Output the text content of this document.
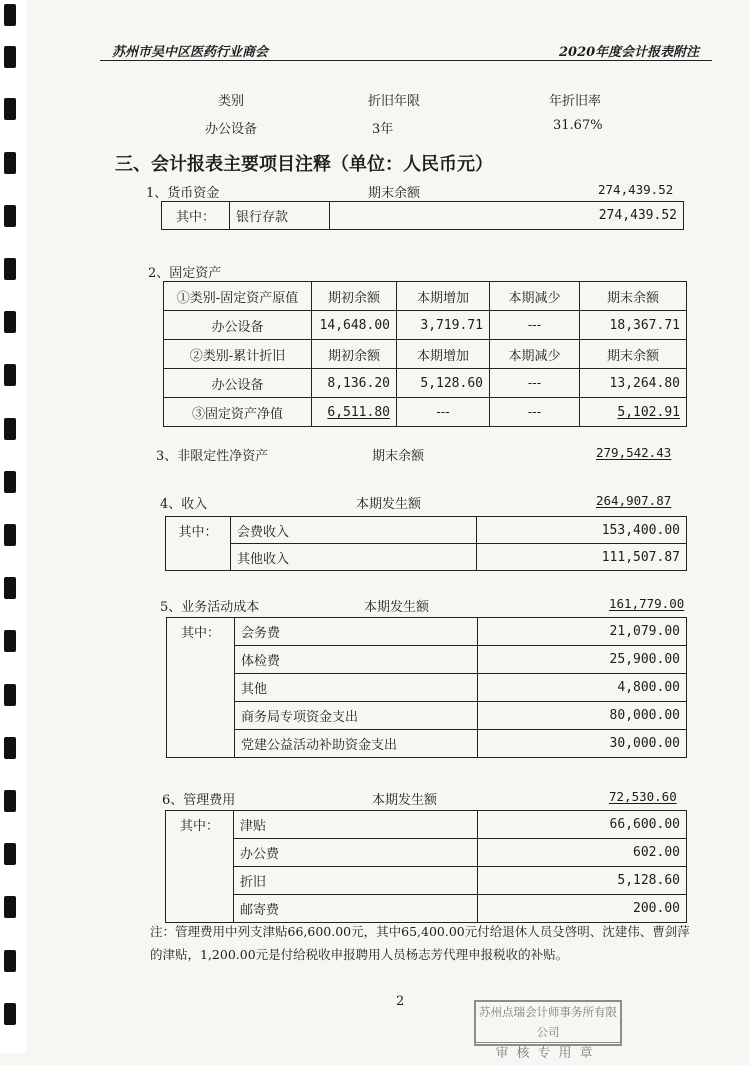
苏州市吴中区医药行业商会	2020年度会计报表附注
类别	折旧年限	年折旧率
办公设备	3年	31.67%
三、会计报表主要项目注释（单位：人民币元）
1、货币资金	期末余额	274,439.52
其中：	银行存款	274,439.52
2、固定资产
①类别-固定资产原值	期初余额	本期增加	本期减少	期末余额
办公设备	14,648.00	3,719.71	---	18,367.71
②类别-累计折旧	期初余额	本期增加	本期减少	期末余额
办公设备	8,136.20	5,128.60	---	13,264.80
③固定资产净值	6,511.80	---	---	5,102.91
3、非限定性净资产	期末余额	279,542.43
4、收入	本期发生额	264,907.87
其中：	会费收入	153,400.00
	其他收入	111,507.87
5、业务活动成本	本期发生额	161,779.00
其中：	会务费	21,079.00
	体检费	25,900.00
	其他	4,800.00
	商务局专项资金支出	80,000.00
	党建公益活动补助资金支出	30,000.00
6、管理费用	本期发生额	72,530.60
其中：	津贴	66,600.00
	办公费	602.00
	折旧	5,128.60
	邮寄费	200.00
注：管理费用中列支津贴66,600.00元，其中65,400.00元付给退休人员殳啓明、沈建伟、曹剑萍的津贴，1,200.00元是付给税收申报聘用人员杨志芳代理申报税收的补贴。
2
苏州点瑞会计师事务所有限公司
审核专用章
